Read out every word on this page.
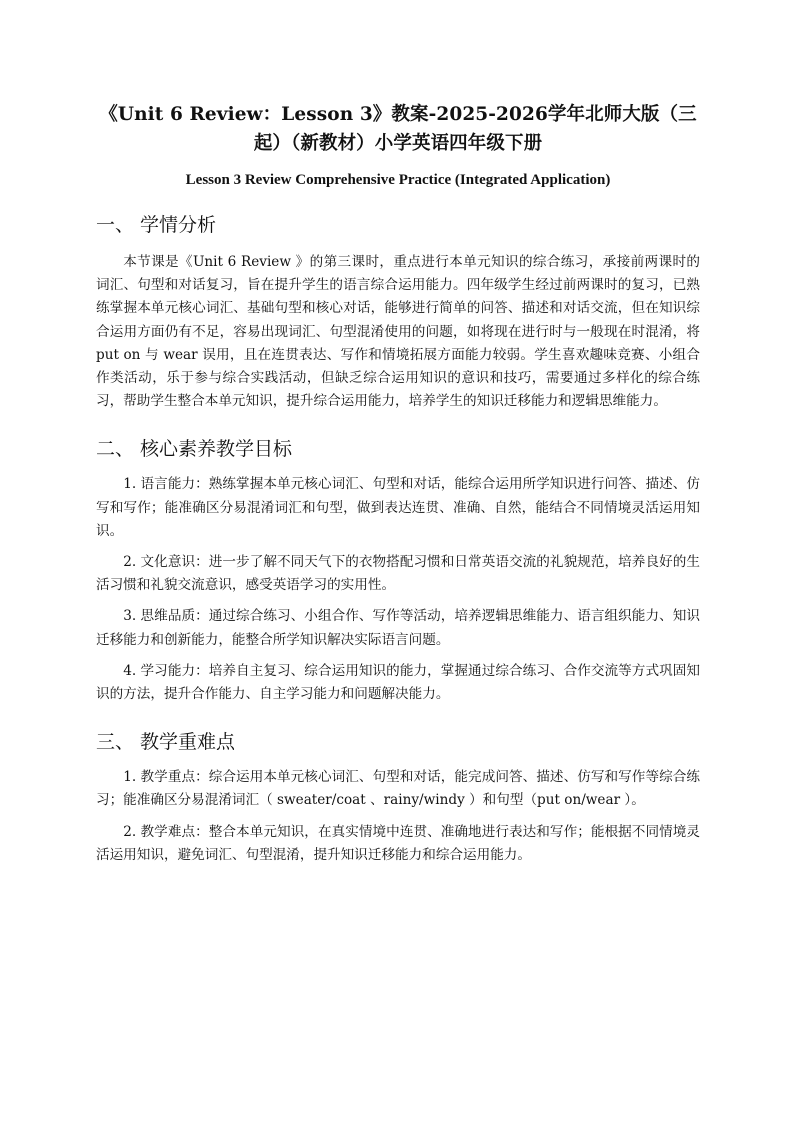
《Unit 6 Review：Lesson 3》教案-2025-2026学年北师大版（三起）（新教材）小学英语四年级下册

Lesson 3 Review Comprehensive Practice (Integrated Application)

一、 学情分析

本节课是《Unit 6 Review 》的第三课时，重点进行本单元知识的综合练习，承接前两课时的词汇、句型和对话复习，旨在提升学生的语言综合运用能力。四年级学生经过前两课时的复习，已熟练掌握本单元核心词汇、基础句型和核心对话，能够进行简单的问答、描述和对话交流，但在知识综合运用方面仍有不足，容易出现词汇、句型混淆使用的问题，如将现在进行时与一般现在时混淆，将 put on 与 wear 误用，且在连贯表达、写作和情境拓展方面能力较弱。学生喜欢趣味竞赛、小组合作类活动，乐于参与综合实践活动，但缺乏综合运用知识的意识和技巧，需要通过多样化的综合练习，帮助学生整合本单元知识，提升综合运用能力，培养学生的知识迁移能力和逻辑思维能力。

二、 核心素养教学目标

1. 语言能力：熟练掌握本单元核心词汇、句型和对话，能综合运用所学知识进行问答、描述、仿写和写作；能准确区分易混淆词汇和句型，做到表达连贯、准确、自然，能结合不同情境灵活运用知识。

2. 文化意识：进一步了解不同天气下的衣物搭配习惯和日常英语交流的礼貌规范，培养良好的生活习惯和礼貌交流意识，感受英语学习的实用性。

3. 思维品质：通过综合练习、小组合作、写作等活动，培养逻辑思维能力、语言组织能力、知识迁移能力和创新能力，能整合所学知识解决实际语言问题。

4. 学习能力：培养自主复习、综合运用知识的能力，掌握通过综合练习、合作交流等方式巩固知识的方法，提升合作能力、自主学习能力和问题解决能力。

三、 教学重难点

1. 教学重点：综合运用本单元核心词汇、句型和对话，能完成问答、描述、仿写和写作等综合练习；能准确区分易混淆词汇（ sweater/coat 、rainy/windy ）和句型（put on/wear ）。

2. 教学难点：整合本单元知识，在真实情境中连贯、准确地进行表达和写作；能根据不同情境灵活运用知识，避免词汇、句型混淆，提升知识迁移能力和综合运用能力。
